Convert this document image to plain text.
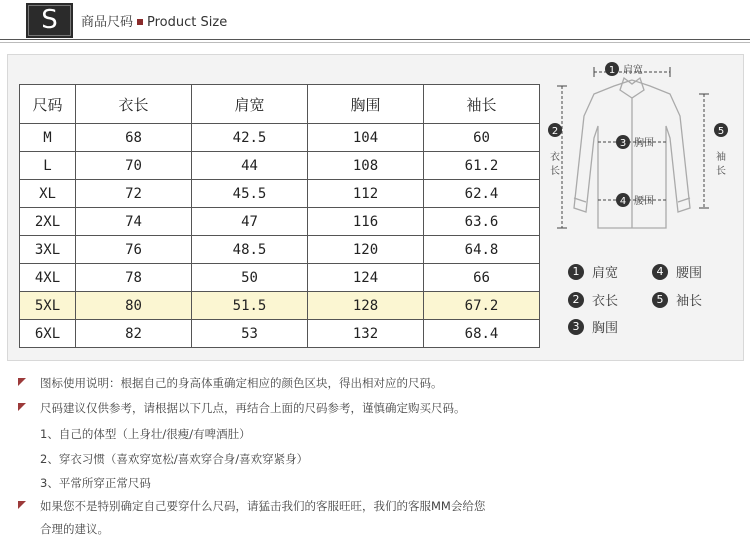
S	商品尺码 Product Size
尺码	衣长	肩宽	胸围	袖长
M	68	42.5	104	60
L	70	44	108	61.2
XL	72	45.5	112	62.4
2XL	74	47	116	63.6
3XL	76	48.5	120	64.8
4XL	78	50	124	66
5XL	80	51.5	128	67.2
6XL	82	53	132	68.4
1
2
3
4
5
肩宽
衣
长
胸围
腰围
袖
长
1 肩宽	4 腰围
2 衣长	5 袖长
3 胸围
图标使用说明：根据自己的身高体重确定相应的颜色区块，得出相对应的尺码。
尺码建议仅供参考，请根据以下几点，再结合上面的尺码参考，谨慎确定购买尺码。
1、自己的体型（上身壮/很瘦/有啤酒肚）
2、穿衣习惯（喜欢穿宽松/喜欢穿合身/喜欢穿紧身）
3、平常所穿正常尺码
如果您不是特别确定自己要穿什么尺码，请猛击我们的客服旺旺，我们的客服MM会给您
合理的建议。
